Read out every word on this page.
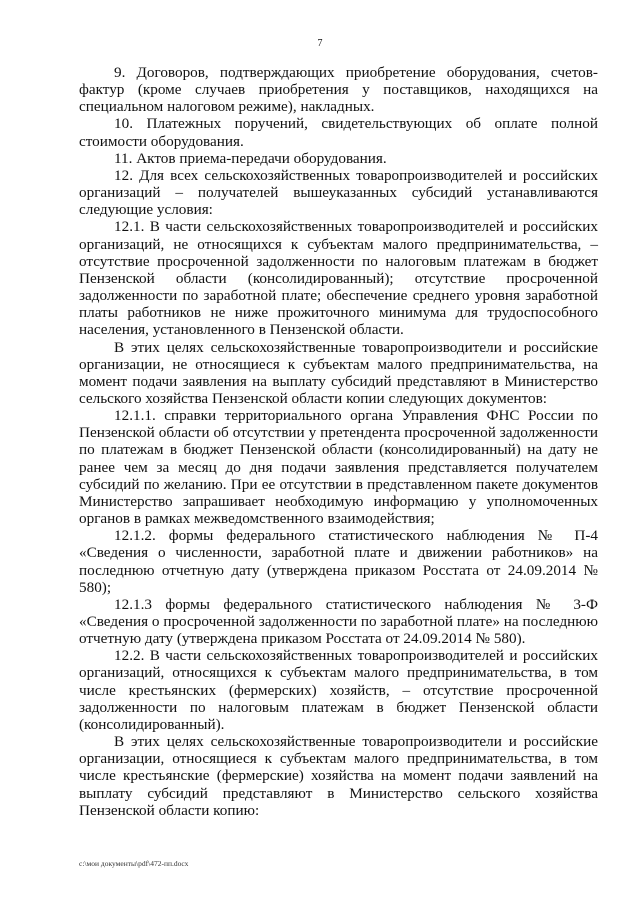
7

9. Договоров, подтверждающих приобретение оборудования, счетов-фактур (кроме случаев приобретения у поставщиков, находящихся на специальном налоговом режиме), накладных.

10. Платежных поручений, свидетельствующих об оплате полной стоимости оборудования.

11. Актов приема-передачи оборудования.

12. Для всех сельскохозяйственных товаропроизводителей и российских организаций – получателей вышеуказанных субсидий устанавливаются следующие условия:

12.1. В части сельскохозяйственных товаропроизводителей и российских организаций, не относящихся к субъектам малого предпринимательства, – отсутствие просроченной задолженности по налоговым платежам в бюджет Пензенской области (консолидированный); отсутствие просроченной задолженности по заработной плате; обеспечение среднего уровня заработной платы работников не ниже прожиточного минимума для трудоспособного населения, установленного в Пензенской области.

В этих целях сельскохозяйственные товаропроизводители и российские организации, не относящиеся к субъектам малого предпринимательства, на момент подачи заявления на выплату субсидий представляют в Министерство сельского хозяйства Пензенской области копии следующих документов:

12.1.1. справки территориального органа Управления ФНС России по Пензенской области об отсутствии у претендента просроченной задолженности по платежам в бюджет Пензенской области (консолидированный) на дату не ранее чем за месяц до дня подачи заявления представляется получателем субсидий по желанию. При ее отсутствии в представленном пакете документов Министерство запрашивает необходимую информацию у уполномоченных органов в рамках межведомственного взаимодействия;

12.1.2. формы федерального статистического наблюдения № П-4 «Сведения о численности, заработной плате и движении работников» на последнюю отчетную дату (утверждена приказом Росстата от 24.09.2014 № 580);

12.1.3 формы федерального статистического наблюдения № 3-Ф «Сведения о просроченной задолженности по заработной плате» на последнюю отчетную дату (утверждена приказом Росстата от 24.09.2014 № 580).

12.2. В части сельскохозяйственных товаропроизводителей и российских организаций, относящихся к субъектам малого предпринимательства, в том числе крестьянских (фермерских) хозяйств, – отсутствие просроченной задолженности по налоговым платежам в бюджет Пензенской области (консолидированный).

В этих целях сельскохозяйственные товаропроизводители и российские организации, относящиеся к субъектам малого предпринимательства, в том числе крестьянские (фермерские) хозяйства на момент подачи заявлений на выплату субсидий представляют в Министерство сельского хозяйства Пензенской области копию:

c:\мои документы\pdf\472-пп.docx
